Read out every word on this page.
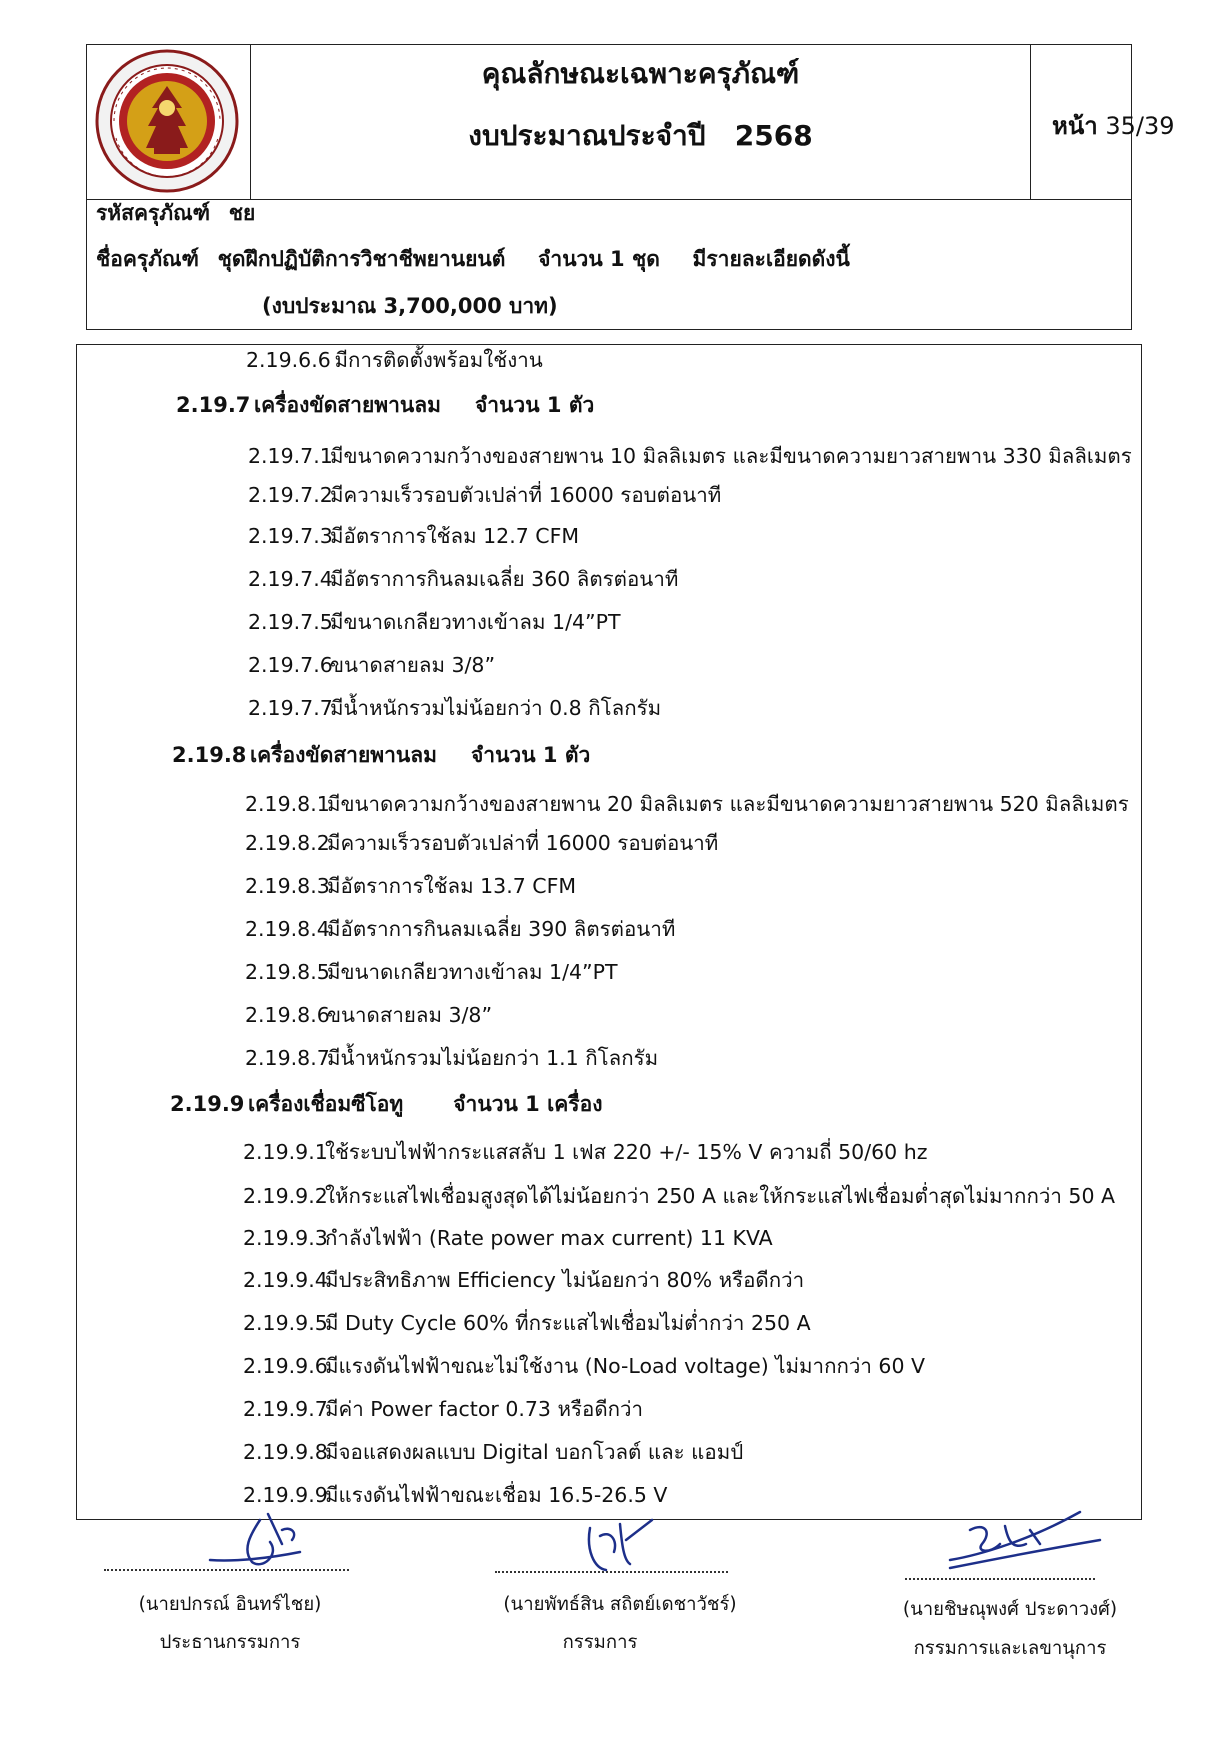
คุณลักษณะเฉพาะครุภัณฑ์
งบประมาณประจำปี   2568	หน้า 35/39
รหัสครุภัณฑ์ ชย
ชื่อครุภัณฑ์ ชุดฝึกปฏิบัติการวิชาชีพยานยนต์ จำนวน 1 ชุด มีรายละเอียดดังนี้
(งบประมาณ 3,700,000 บาท)
2.19.6.6 มีการติดตั้งพร้อมใช้งาน
2.19.7 เครื่องขัดสายพานลม จำนวน 1 ตัว
2.19.7.1มีขนาดความกว้างของสายพาน 10 มิลลิเมตร และมีขนาดความยาวสายพาน 330 มิลลิเมตร
2.19.7.2มีความเร็วรอบตัวเปล่าที่ 16000 รอบต่อนาที
2.19.7.3มีอัตราการใช้ลม 12.7 CFM
2.19.7.4มีอัตราการกินลมเฉลี่ย 360 ลิตรต่อนาที
2.19.7.5มีขนาดเกลียวทางเข้าลม 1/4”PT
2.19.7.6ขนาดสายลม 3/8”
2.19.7.7มีน้ำหนักรวมไม่น้อยกว่า 0.8 กิโลกรัม
2.19.8 เครื่องขัดสายพานลม จำนวน 1 ตัว
2.19.8.1มีขนาดความกว้างของสายพาน 20 มิลลิเมตร และมีขนาดความยาวสายพาน 520 มิลลิเมตร
2.19.8.2มีความเร็วรอบตัวเปล่าที่ 16000 รอบต่อนาที
2.19.8.3มีอัตราการใช้ลม 13.7 CFM
2.19.8.4มีอัตราการกินลมเฉลี่ย 390 ลิตรต่อนาที
2.19.8.5มีขนาดเกลียวทางเข้าลม 1/4”PT
2.19.8.6ขนาดสายลม 3/8”
2.19.8.7มีน้ำหนักรวมไม่น้อยกว่า 1.1 กิโลกรัม
2.19.9 เครื่องเชื่อมซีโอทู จำนวน 1 เครื่อง
2.19.9.1ใช้ระบบไฟฟ้ากระแสสลับ 1 เฟส 220 +/- 15% V ความถี่ 50/60 hz
2.19.9.2ให้กระแสไฟเชื่อมสูงสุดได้ไม่น้อยกว่า 250 A และให้กระแสไฟเชื่อมต่ำสุดไม่มากกว่า 50 A
2.19.9.3กำลังไฟฟ้า (Rate power max current) 11 KVA
2.19.9.4มีประสิทธิภาพ Efficiency ไม่น้อยกว่า 80% หรือดีกว่า
2.19.9.5มี Duty Cycle 60% ที่กระแสไฟเชื่อมไม่ต่ำกว่า 250 A
2.19.9.6มีแรงดันไฟฟ้าขณะไม่ใช้งาน (No-Load voltage) ไม่มากกว่า 60 V
2.19.9.7มีค่า Power factor 0.73 หรือดีกว่า
2.19.9.8มีจอแสดงผลแบบ Digital บอกโวลต์ และ แอมป์
2.19.9.9มีแรงดันไฟฟ้าขณะเชื่อม 16.5-26.5 V
(นายปกรณ์ อินทร์ไชย)
ประธานกรรมการ
(นายพัทธ์สิน สถิตย์เดชาวัชร์)
กรรมการ
(นายชิษณุพงศ์ ประดาวงศ์)
กรรมการและเลขานุการ
